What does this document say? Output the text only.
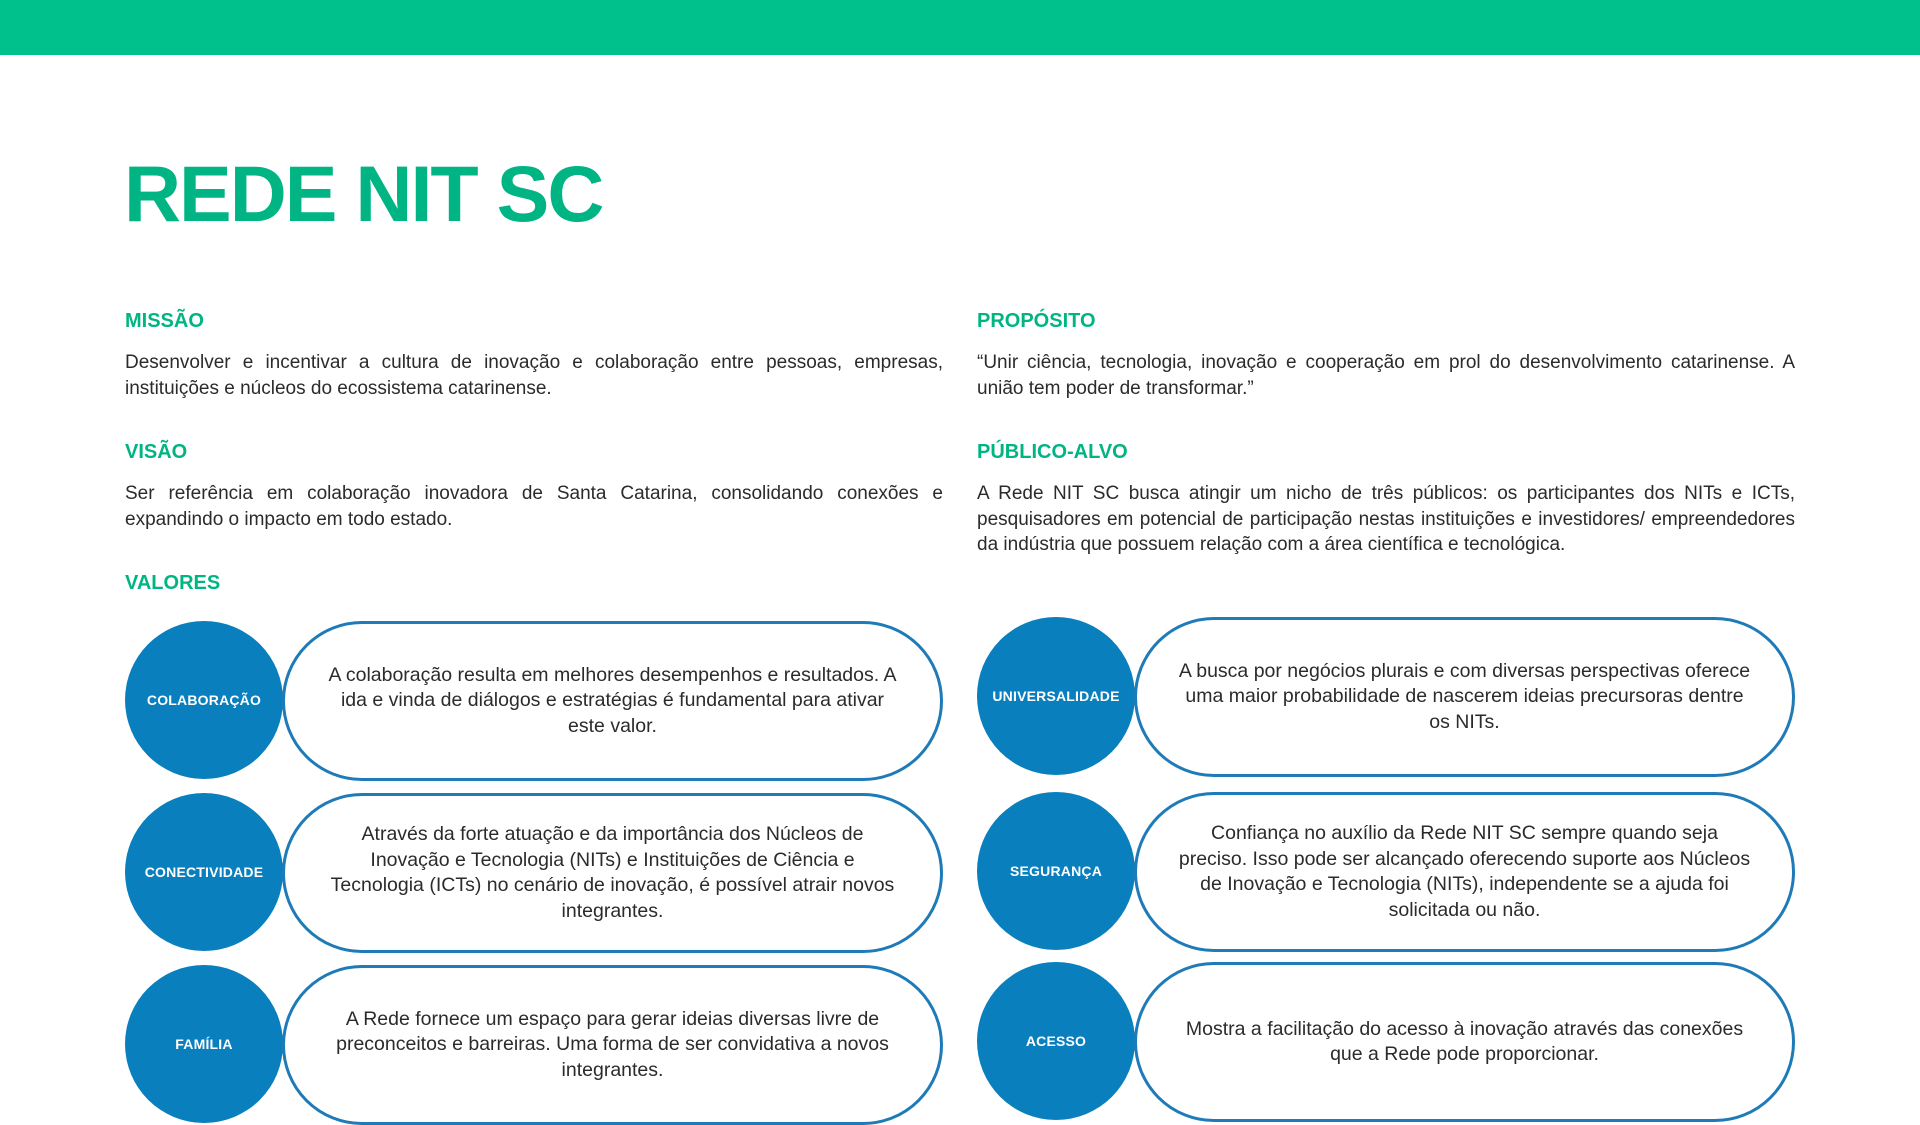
REDE NIT SC
MISSÃO

Desenvolver e incentivar a cultura de inovação e colaboração entre pessoas, empresas, instituições e núcleos do ecossistema catarinense.

VISÃO

Ser referência em colaboração inovadora de Santa Catarina, consolidando conexões e expandindo o impacto em todo estado.

VALORES
PROPÓSITO

“Unir ciência, tecnologia, inovação e cooperação em prol do desenvolvimento catarinense. A união tem poder de transformar.”

PÚBLICO-ALVO

A Rede NIT SC busca atingir um nicho de três públicos: os participantes dos NITs e ICTs, pesquisadores em potencial de participação nestas instituições e investidores/ empreendedores da indústria que possuem relação com a área científica e tecnológica.

COLABORAÇÃO

A colaboração resulta em melhores desempenhos e resultados. A ida e vinda de diálogos e estratégias é fundamental para ativar este valor.

CONECTIVIDADE

Através da forte atuação e da importância dos Núcleos de Inovação e Tecnologia (NITs) e Instituições de Ciência e Tecnologia (ICTs) no cenário de inovação, é possível atrair novos integrantes.

FAMÍLIA

A Rede fornece um espaço para gerar ideias diversas livre de preconceitos e barreiras. Uma forma de ser convidativa a novos integrantes.

UNIVERSALIDADE

A busca por negócios plurais e com diversas perspectivas oferece uma maior probabilidade de nascerem ideias precursoras dentre os NITs.

SEGURANÇA

Confiança no auxílio da Rede NIT SC sempre quando seja preciso. Isso pode ser alcançado oferecendo suporte aos Núcleos de Inovação e Tecnologia (NITs), independente se a ajuda foi solicitada ou não.

ACESSO

Mostra a facilitação do acesso à inovação através das conexões que a Rede pode proporcionar.
